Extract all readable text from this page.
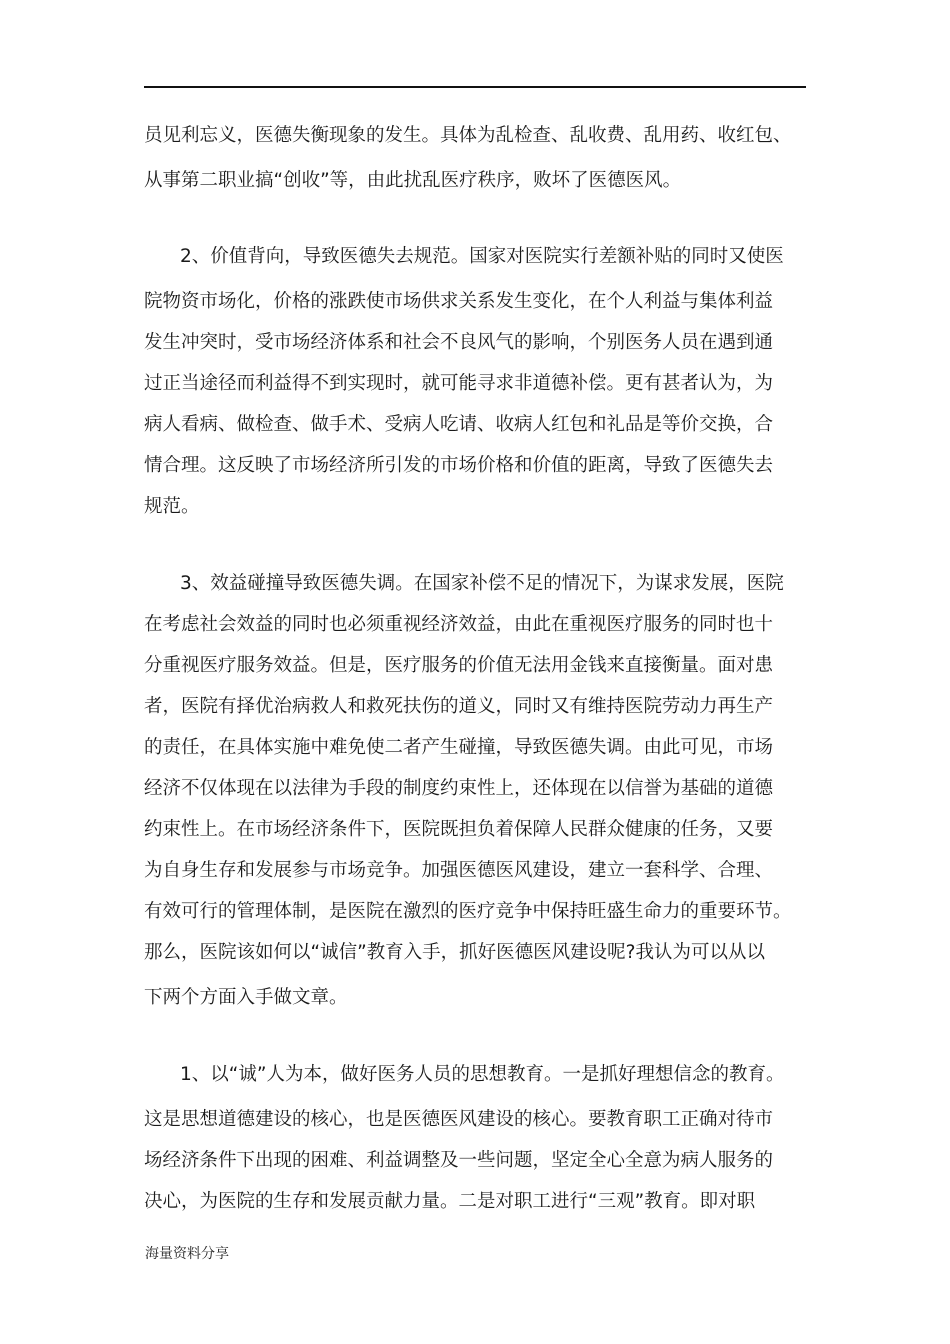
员见利忘义，医德失衡现象的发生。具体为乱检查、乱收费、乱用药、收红包、
从事第二职业搞“创收”等，由此扰乱医疗秩序，败坏了医德医风。
2、价值背向，导致医德失去规范。国家对医院实行差额补贴的同时又使医
院物资市场化，价格的涨跌使市场供求关系发生变化，在个人利益与集体利益
发生冲突时，受市场经济体系和社会不良风气的影响，个别医务人员在遇到通
过正当途径而利益得不到实现时，就可能寻求非道德补偿。更有甚者认为，为
病人看病、做检查、做手术、受病人吃请、收病人红包和礼品是等价交换，合
情合理。这反映了市场经济所引发的市场价格和价值的距离，导致了医德失去
规范。
3、效益碰撞导致医德失调。在国家补偿不足的情况下，为谋求发展，医院
在考虑社会效益的同时也必须重视经济效益，由此在重视医疗服务的同时也十
分重视医疗服务效益。但是，医疗服务的价值无法用金钱来直接衡量。面对患
者，医院有择优治病救人和救死扶伤的道义，同时又有维持医院劳动力再生产
的责任，在具体实施中难免使二者产生碰撞，导致医德失调。由此可见，市场
经济不仅体现在以法律为手段的制度约束性上，还体现在以信誉为基础的道德
约束性上。在市场经济条件下，医院既担负着保障人民群众健康的任务，又要
为自身生存和发展参与市场竞争。加强医德医风建设，建立一套科学、合理、
有效可行的管理体制，是医院在激烈的医疗竞争中保持旺盛生命力的重要环节。
那么，医院该如何以“诚信”教育入手，抓好医德医风建设呢?我认为可以从以
下两个方面入手做文章。
1、以“诚”人为本，做好医务人员的思想教育。一是抓好理想信念的教育。
这是思想道德建设的核心，也是医德医风建设的核心。要教育职工正确对待市
场经济条件下出现的困难、利益调整及一些问题，坚定全心全意为病人服务的
决心，为医院的生存和发展贡献力量。二是对职工进行“三观”教育。即对职
海量资料分享
